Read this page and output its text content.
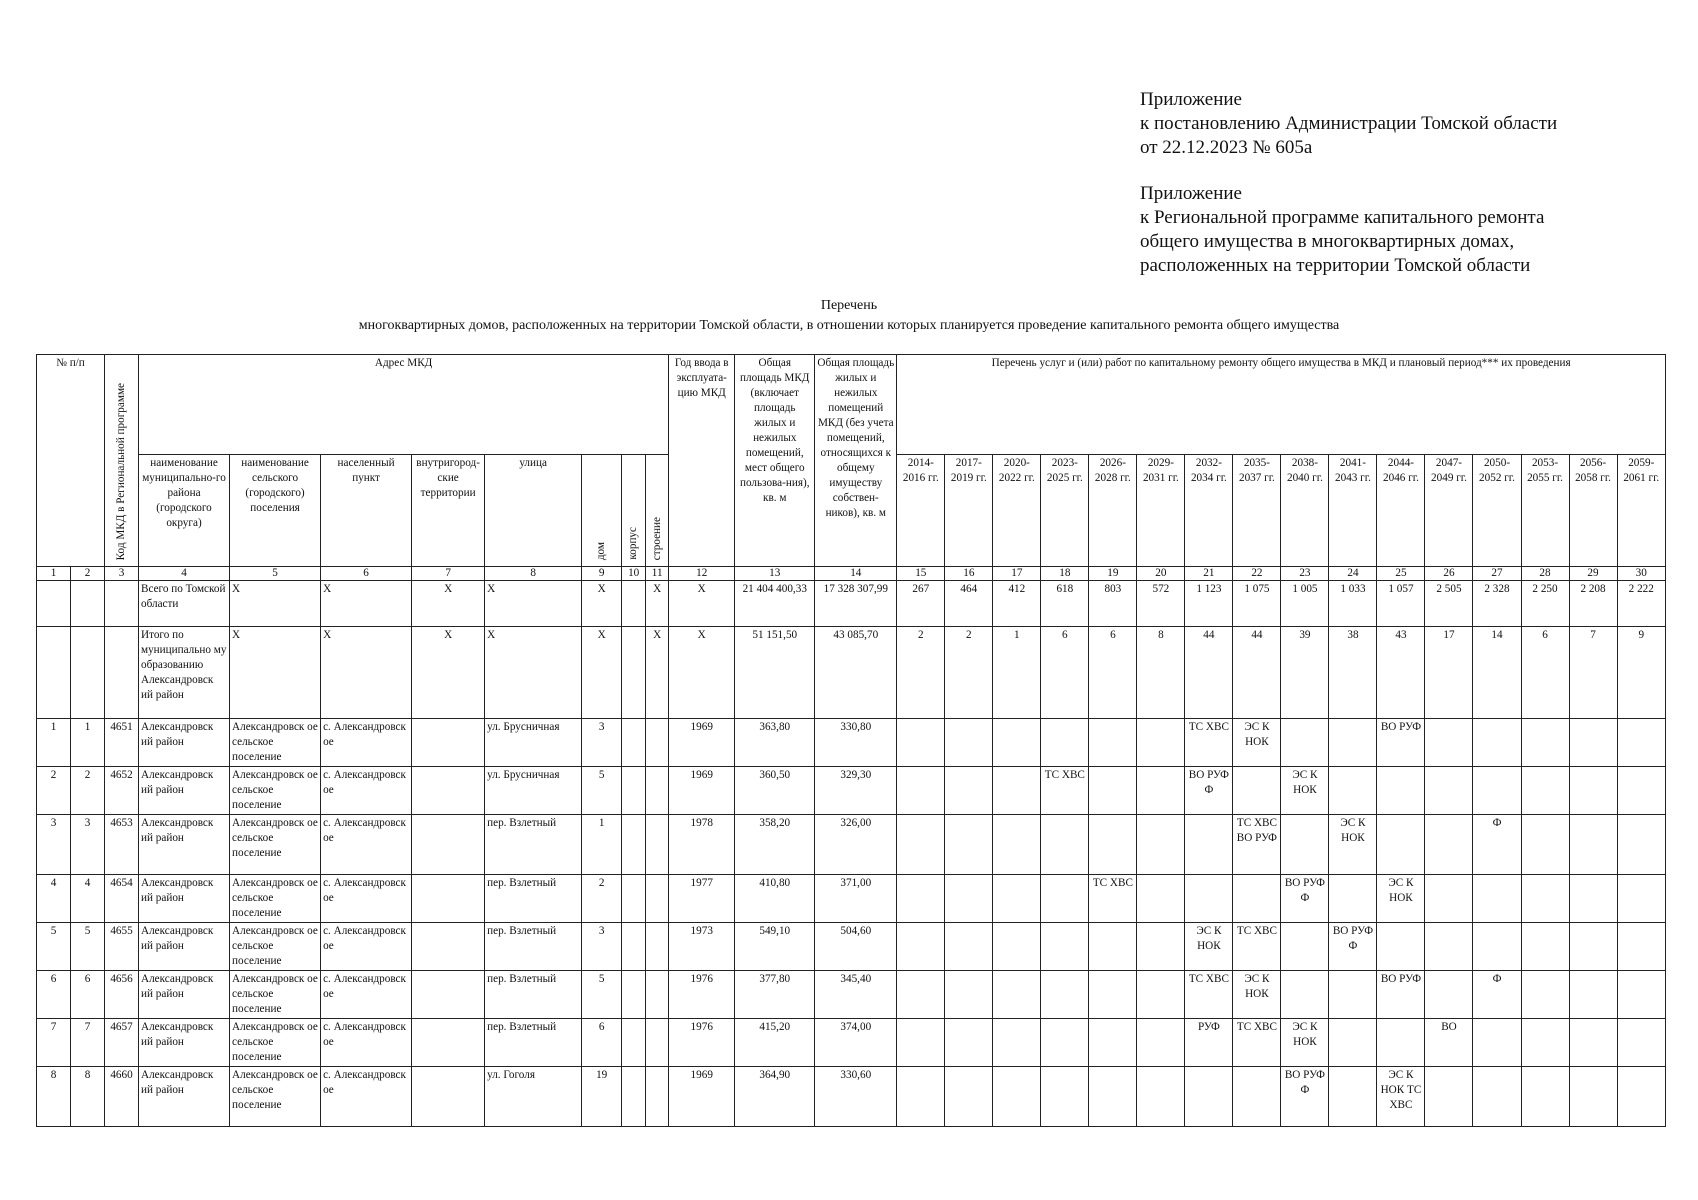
Приложение
к постановлению Администрации Томской области
от 22.12.2023 № 605а
Приложение
к Региональной программе капитального ремонта
общего имущества в многоквартирных домах,
расположенных на территории Томской области
Перечень
многоквартирных домов, расположенных на территории Томской области, в отношении которых планируется проведение капитального ремонта общего имущества
№ п/п		Код МКД в Региональной программе	Адрес МКД								Год ввода в эксплуата-цию МКД	Общая площадь МКД (включает площадь жилых и нежилых помещений, мест общего пользова-ния), кв. м	Общая площадь жилых и нежилых помещений МКД (без учета помещений, относящихся к общему имуществу собствен-ников), кв. м	Перечень услуг и (или) работ по капитальному ремонту общего имущества в МКД и плановый период*** их проведения															
			наименование муниципально-го района (городского округа)	наименование сельского (городского) поселения	населенный пункт	внутригород-ские территории	улица	дом	корпус	строение				2014-2016 гг.	2017-2019 гг.	2020-2022 гг.	2023-2025 гг.	2026-2028 гг.	2029-2031 гг.	2032-2034 гг.	2035-2037 гг.	2038-2040 гг.	2041-2043 гг.	2044-2046 гг.	2047-2049 гг.	2050-2052 гг.	2053-2055 гг.	2056-2058 гг.	2059-2061 гг.
1	2	3	4	5	6	7	8	9	10	11	12	13	14	15	16	17	18	19	20	21	22	23	24	25	26	27	28	29	30
			Всего по Томской области	X	X	X	X	X		X	X	21 404 400,33	17 328 307,99	267	464	412	618	803	572	1 123	1 075	1 005	1 033	1 057	2 505	2 328	2 250	2 208	2 222
			Итого по муниципально му образованию Александровск ий район	X	X	X	X	X		X	X	51 151,50	43 085,70	2	2	1	6	6	8	44	44	39	38	43	17	14	6	7	9
1	1	4651	Александровск ий район	Александровск ое сельское поселение	с. Александровск ое		ул. Брусничная	3			1969	363,80	330,80							ТС ХВС	ЭС К НОК			ВО РУФ					
2	2	4652	Александровск ий район	Александровск ое сельское поселение	с. Александровск ое		ул. Брусничная	5			1969	360,50	329,30				ТС ХВС			ВО РУФ Ф		ЭС К НОК							
3	3	4653	Александровск ий район	Александровск ое сельское поселение	с. Александровск ое		пер. Взлетный	1			1978	358,20	326,00								ТС ХВС ВО РУФ		ЭС К НОК			Ф			
4	4	4654	Александровск ий район	Александровск ое сельское поселение	с. Александровск ое		пер. Взлетный	2			1977	410,80	371,00					ТС ХВС				ВО РУФ Ф		ЭС К НОК					
5	5	4655	Александровск ий район	Александровск ое сельское поселение	с. Александровск ое		пер. Взлетный	3			1973	549,10	504,60							ЭС К НОК	ТС ХВС		ВО РУФ Ф						
6	6	4656	Александровск ий район	Александровск ое сельское поселение	с. Александровск ое		пер. Взлетный	5			1976	377,80	345,40							ТС ХВС	ЭС К НОК			ВО РУФ		Ф			
7	7	4657	Александровск ий район	Александровск ое сельское поселение	с. Александровск ое		пер. Взлетный	6			1976	415,20	374,00							РУФ	ТС ХВС	ЭС К НОК			ВО				
8	8	4660	Александровск ий район	Александровск ое сельское поселение	с. Александровск ое		ул. Гоголя	19			1969	364,90	330,60									ВО РУФ Ф		ЭС К НОК ТС ХВС					
